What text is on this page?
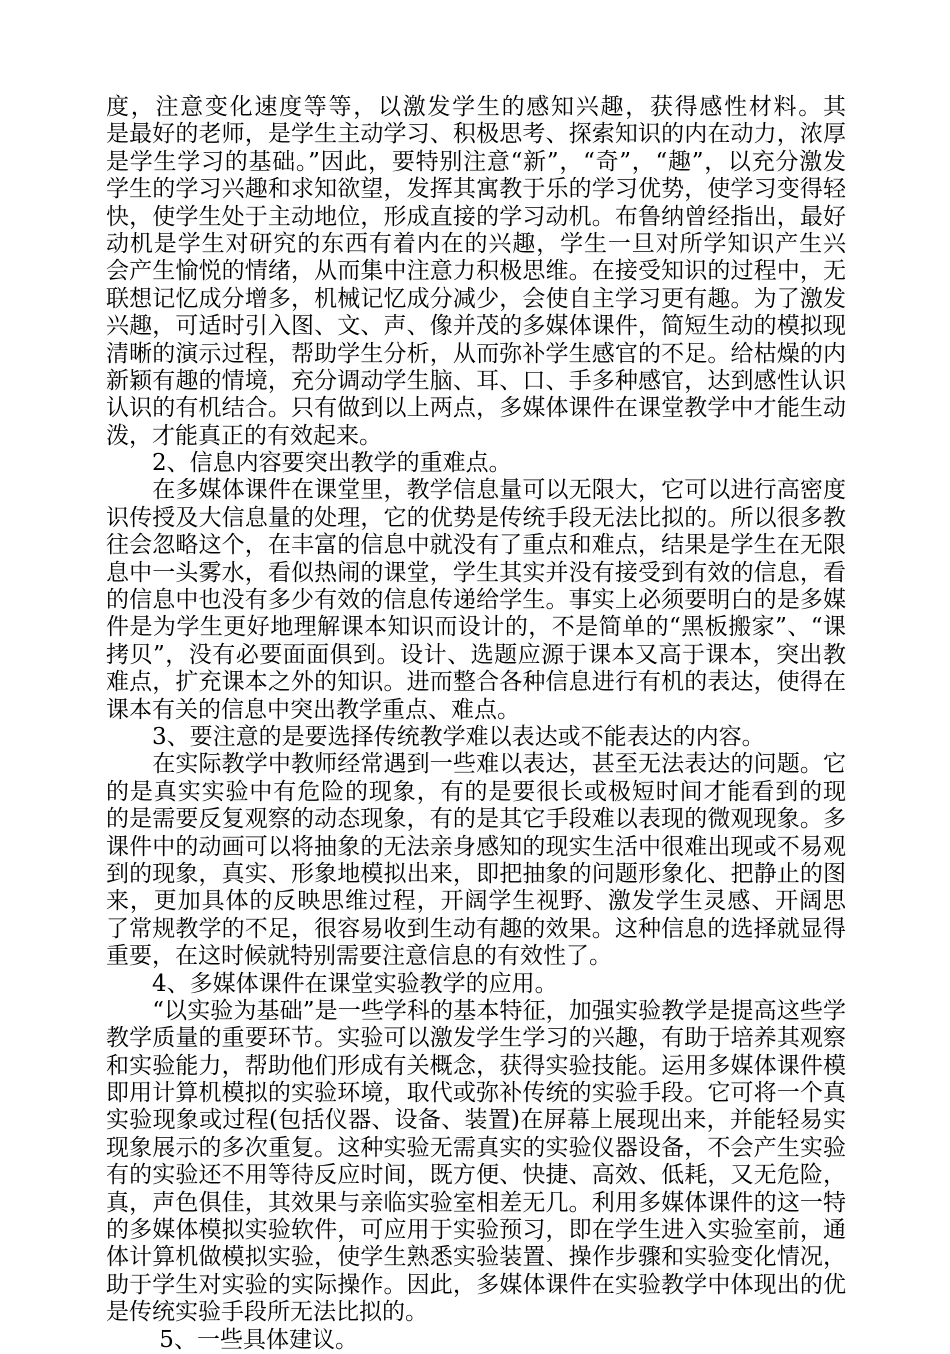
度，注意变化速度等等，以激发学生的感知兴趣，获得感性材料。其
是最好的老师，是学生主动学习、积极思考、探索知识的内在动力，浓厚
是学生学习的基础。”因此，要特别注意“新”，“奇”，“趣”，以充分激发
学生的学习兴趣和求知欲望，发挥其寓教于乐的学习优势，使学习变得轻
快，使学生处于主动地位，形成直接的学习动机。布鲁纳曾经指出，最好
动机是学生对研究的东西有着内在的兴趣，学生一旦对所学知识产生兴
会产生愉悦的情绪，从而集中注意力积极思维。在接受知识的过程中，无
联想记忆成分增多，机械记忆成分减少，会使自主学习更有趣。为了激发
兴趣，可适时引入图、文、声、像并茂的多媒体课件，简短生动的模拟现
清晰的演示过程，帮助学生分析，从而弥补学生感官的不足。给枯燥的内
新颖有趣的情境，充分调动学生脑、耳、口、手多种感官，达到感性认识
认识的有机结合。只有做到以上两点，多媒体课件在课堂教学中才能生动
泼，才能真正的有效起来。
　　2、信息内容要突出教学的重难点。
　　在多媒体课件在课堂里，教学信息量可以无限大，它可以进行高密度
识传授及大信息量的处理，它的优势是传统手段无法比拟的。所以很多教
往会忽略这个，在丰富的信息中就没有了重点和难点，结果是学生在无限
息中一头雾水，看似热闹的课堂，学生其实并没有接受到有效的信息，看
的信息中也没有多少有效的信息传递给学生。事实上必须要明白的是多媒
件是为学生更好地理解课本知识而设计的，不是简单的“黑板搬家”、“课
拷贝”，没有必要面面俱到。设计、选题应源于课本又高于课本，突出教
难点，扩充课本之外的知识。进而整合各种信息进行有机的表达，使得在
课本有关的信息中突出教学重点、难点。
　　3、要注意的是要选择传统教学难以表达或不能表达的内容。
　　在实际教学中教师经常遇到一些难以表达，甚至无法表达的问题。它
的是真实实验中有危险的现象，有的是要很长或极短时间才能看到的现
的是需要反复观察的动态现象，有的是其它手段难以表现的微观现象。多
课件中的动画可以将抽象的无法亲身感知的现实生活中很难出现或不易观
到的现象，真实、形象地模拟出来，即把抽象的问题形象化、把静止的图
来，更加具体的反映思维过程，开阔学生视野、激发学生灵感、开阔思
了常规教学的不足，很容易收到生动有趣的效果。这种信息的选择就显得
重要，在这时候就特别需要注意信息的有效性了。
　　4、多媒体课件在课堂实验教学的应用。
　　“以实验为基础”是一些学科的基本特征，加强实验教学是提高这些学
教学质量的重要环节。实验可以激发学生学习的兴趣，有助于培养其观察
和实验能力，帮助他们形成有关概念，获得实验技能。运用多媒体课件模
即用计算机模拟的实验环境，取代或弥补传统的实验手段。它可将一个真
实验现象或过程(包括仪器、设备、装置)在屏幕上展现出来，并能轻易实
现象展示的多次重复。这种实验无需真实的实验仪器设备，不会产生实验
有的实验还不用等待反应时间，既方便、快捷、高效、低耗，又无危险，
真，声色俱佳，其效果与亲临实验室相差无几。利用多媒体课件的这一特
的多媒体模拟实验软件，可应用于实验预习，即在学生进入实验室前，通
体计算机做模拟实验，使学生熟悉实验装置、操作步骤和实验变化情况，
助于学生对实验的实际操作。因此，多媒体课件在实验教学中体现出的优
是传统实验手段所无法比拟的。
　　 5、一些具体建议。
